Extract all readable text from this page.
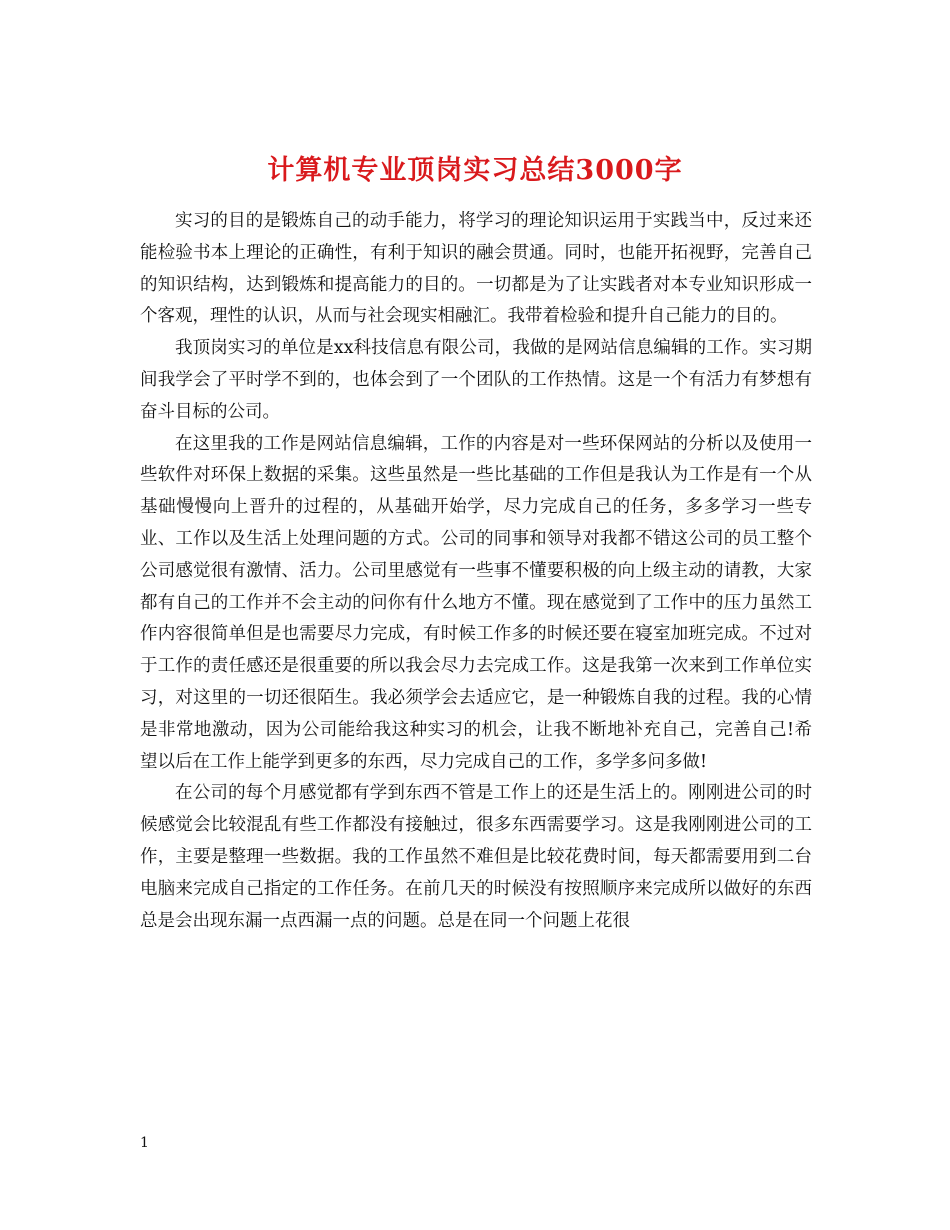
计算机专业顶岗实习总结3000字

实习的目的是锻炼自己的动手能力，将学习的理论知识运用于实践当中，反过来还能检验书本上理论的正确性，有利于知识的融会贯通。同时，也能开拓视野，完善自己的知识结构，达到锻炼和提高能力的目的。一切都是为了让实践者对本专业知识形成一个客观，理性的认识，从而与社会现实相融汇。我带着检验和提升自己能力的目的。

我顶岗实习的单位是xx科技信息有限公司，我做的是网站信息编辑的工作。实习期间我学会了平时学不到的，也体会到了一个团队的工作热情。这是一个有活力有梦想有奋斗目标的公司。

在这里我的工作是网站信息编辑，工作的内容是对一些环保网站的分析以及使用一些软件对环保上数据的采集。这些虽然是一些比基础的工作但是我认为工作是有一个从基础慢慢向上晋升的过程的，从基础开始学，尽力完成自己的任务，多多学习一些专业、工作以及生活上处理问题的方式。公司的同事和领导对我都不错这公司的员工整个公司感觉很有激情、活力。公司里感觉有一些事不懂要积极的向上级主动的请教，大家都有自己的工作并不会主动的问你有什么地方不懂。现在感觉到了工作中的压力虽然工作内容很简单但是也需要尽力完成，有时候工作多的时候还要在寝室加班完成。不过对于工作的责任感还是很重要的所以我会尽力去完成工作。这是我第一次来到工作单位实习，对这里的一切还很陌生。我必须学会去适应它，是一种锻炼自我的过程。我的心情是非常地激动，因为公司能给我这种实习的机会，让我不断地补充自己，完善自己!希望以后在工作上能学到更多的东西，尽力完成自己的工作，多学多问多做!

在公司的每个月感觉都有学到东西不管是工作上的还是生活上的。刚刚进公司的时候感觉会比较混乱有些工作都没有接触过，很多东西需要学习。这是我刚刚进公司的工作，主要是整理一些数据。我的工作虽然不难但是比较花费时间，每天都需要用到二台电脑来完成自己指定的工作任务。在前几天的时候没有按照顺序来完成所以做好的东西总是会出现东漏一点西漏一点的问题。总是在同一个问题上花很

1
